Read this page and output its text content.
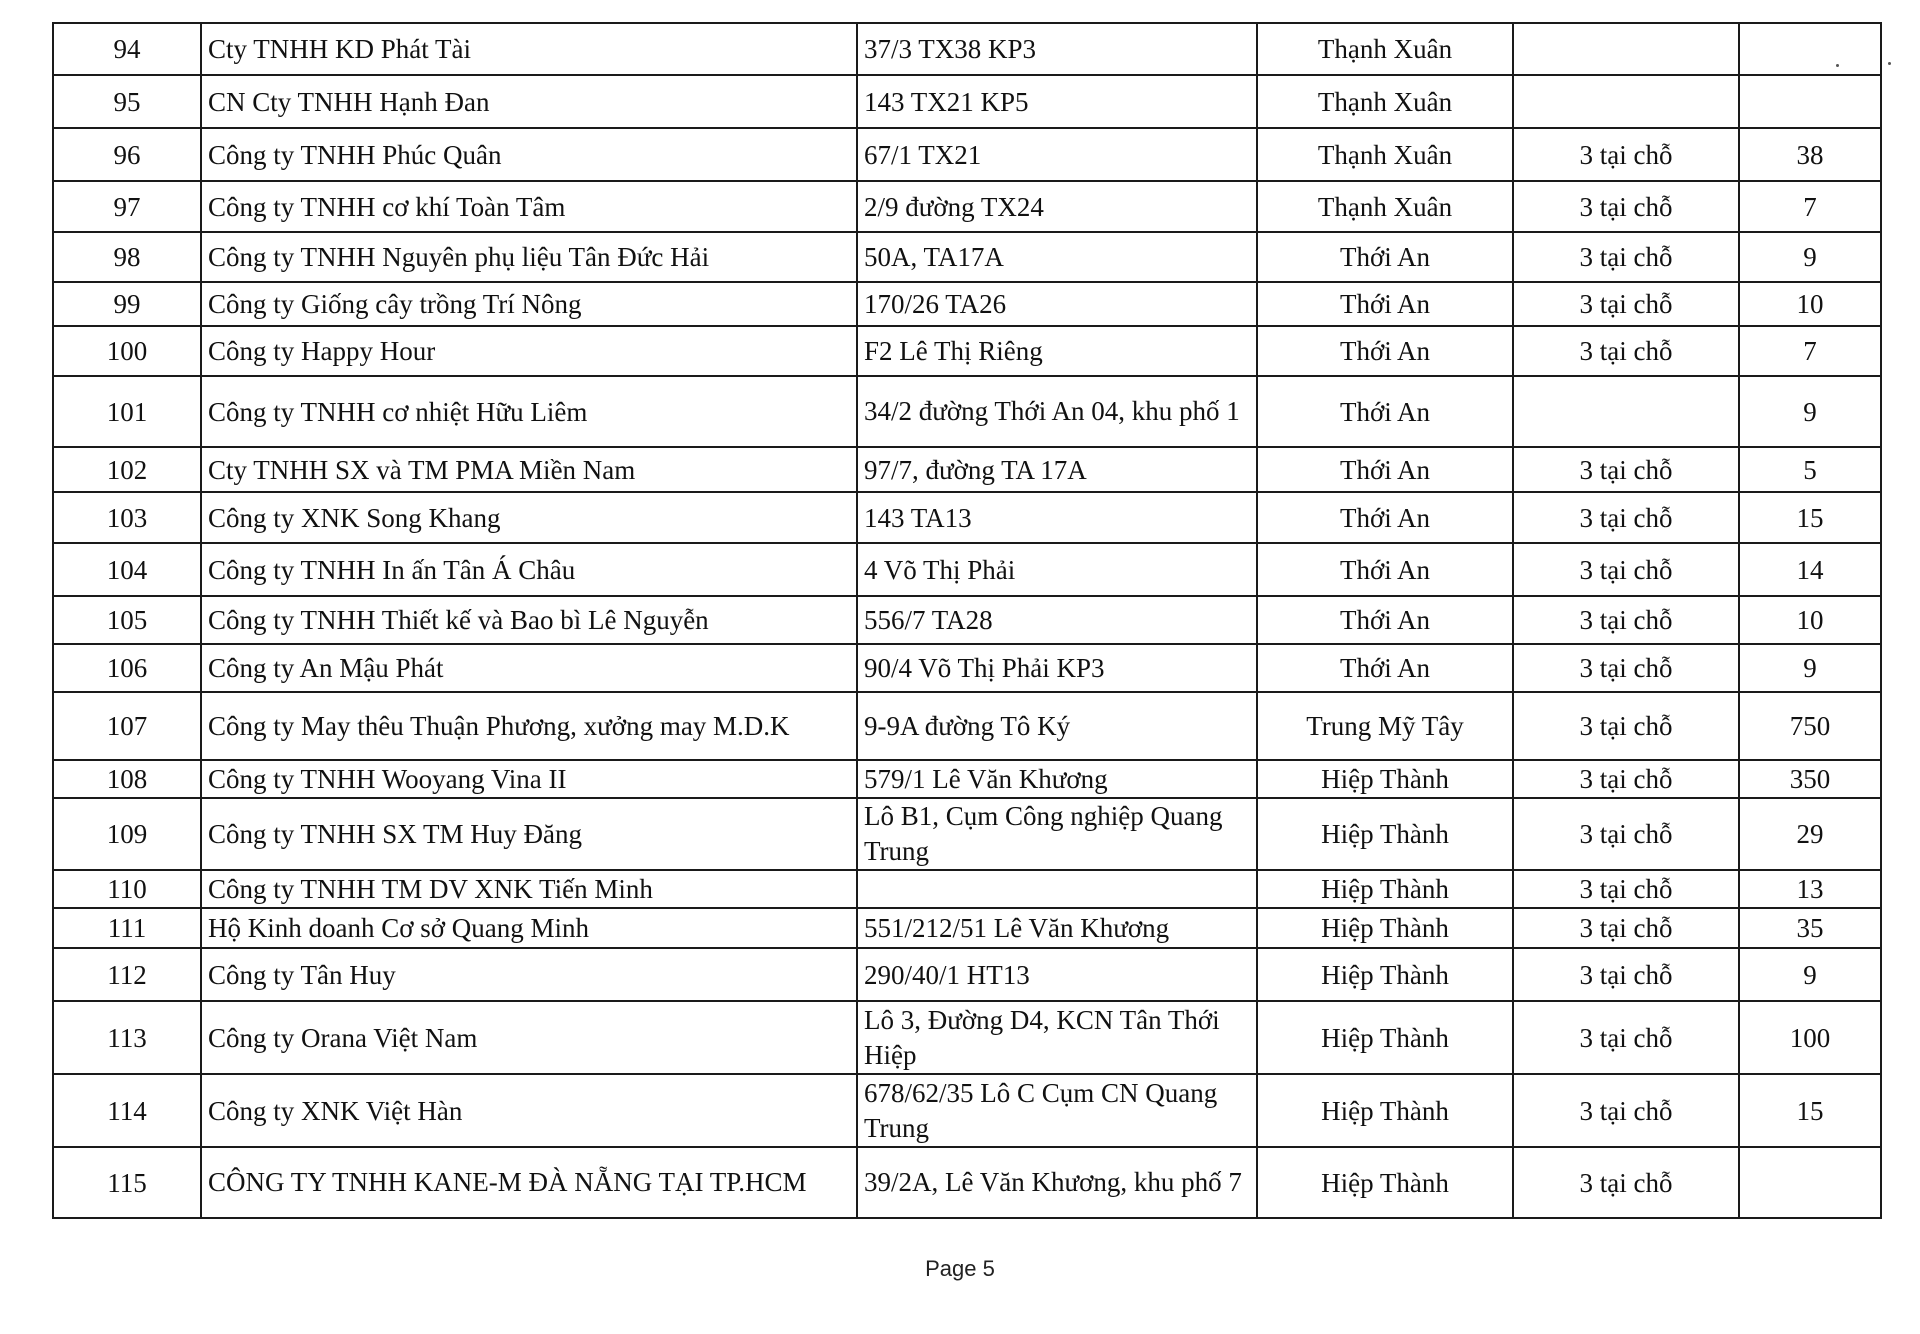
94	Cty TNHH KD Phát Tài	37/3 TX38 KP3	Thạnh Xuân		
95	CN Cty TNHH Hạnh Đan	143 TX21 KP5	Thạnh Xuân		
96	Công ty TNHH Phúc Quân	67/1 TX21	Thạnh Xuân	3 tại chỗ	38
97	Công ty TNHH cơ khí Toàn Tâm	2/9 đường TX24	Thạnh Xuân	3 tại chỗ	7
98	Công ty TNHH Nguyên phụ liệu Tân Đức Hải	50A, TA17A	Thới An	3 tại chỗ	9
99	Công ty Giống cây trồng Trí Nông	170/26 TA26	Thới An	3 tại chỗ	10
100	Công ty Happy Hour	F2 Lê Thị Riêng	Thới An	3 tại chỗ	7
101	Công ty TNHH cơ nhiệt Hữu Liêm	34/2 đường Thới An 04, khu phố 1	Thới An		9
102	Cty TNHH SX và TM PMA Miền Nam	97/7, đường TA 17A	Thới An	3 tại chỗ	5
103	Công ty XNK Song Khang	143 TA13	Thới An	3 tại chỗ	15
104	Công ty TNHH In ấn Tân Á Châu	4 Võ Thị Phải	Thới An	3 tại chỗ	14
105	Công ty TNHH Thiết kế và Bao bì Lê Nguyễn	556/7 TA28	Thới An	3 tại chỗ	10
106	Công ty An Mậu Phát	90/4 Võ Thị Phải KP3	Thới An	3 tại chỗ	9
107	Công ty May thêu Thuận Phương, xưởng may M.D.K	9-9A đường Tô Ký	Trung Mỹ Tây	3 tại chỗ	750
108	Công ty TNHH Wooyang Vina II	579/1 Lê Văn Khương	Hiệp Thành	3 tại chỗ	350
109	Công ty TNHH SX TM Huy Đăng	Lô B1, Cụm Công nghiệp Quang Trung	Hiệp Thành	3 tại chỗ	29
110	Công ty TNHH TM DV XNK Tiến Minh		Hiệp Thành	3 tại chỗ	13
111	Hộ Kinh doanh Cơ sở Quang Minh	551/212/51 Lê Văn Khương	Hiệp Thành	3 tại chỗ	35
112	Công ty Tân Huy	290/40/1 HT13	Hiệp Thành	3 tại chỗ	9
113	Công ty Orana Việt Nam	Lô 3, Đường D4, KCN Tân Thới Hiệp	Hiệp Thành	3 tại chỗ	100
114	Công ty XNK Việt Hàn	678/62/35 Lô C Cụm CN Quang Trung	Hiệp Thành	3 tại chỗ	15
115	CÔNG TY TNHH KANE-M ĐÀ NẴNG TẠI TP.HCM	39/2A, Lê Văn Khương, khu phố 7	Hiệp Thành	3 tại chỗ	
Page 5
